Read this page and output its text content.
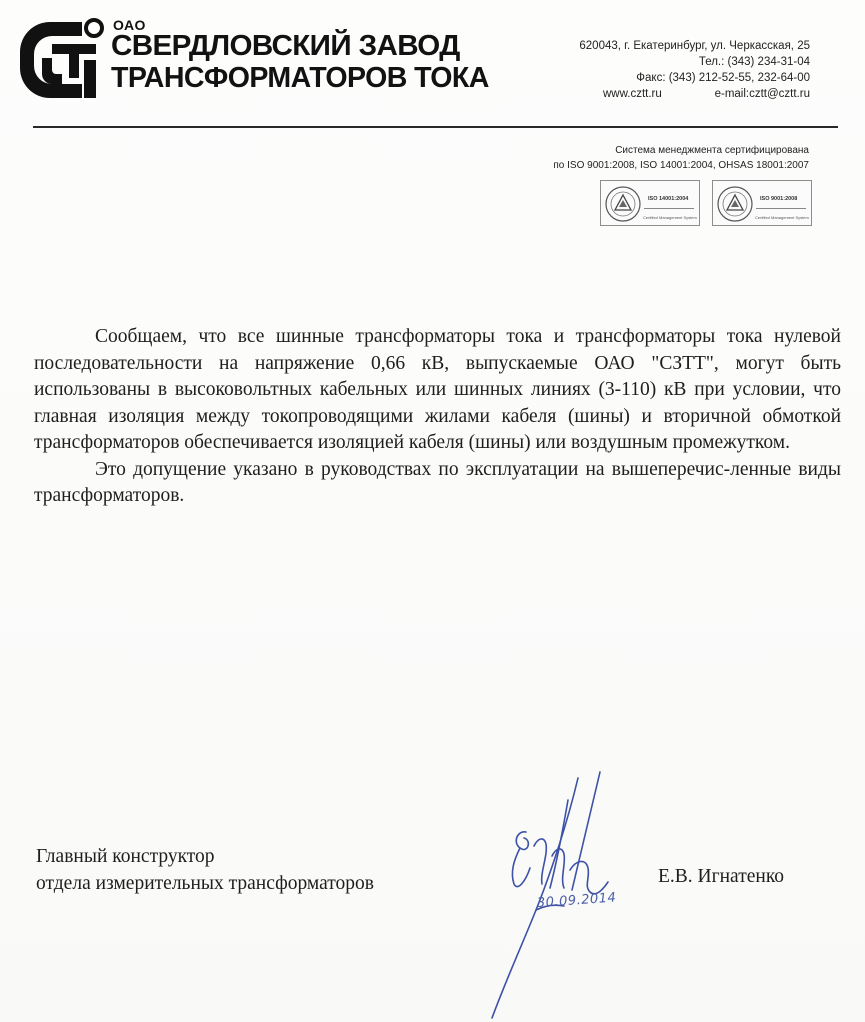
ОАО
СВЕРДЛОВСКИЙ ЗАВОД
ТРАНСФОРМАТОРОВ ТОКА
620043, г. Екатеринбург, ул. Черкасская, 25
Тел.: (343) 234-31-04
Факс: (343) 212-52-55, 232-64-00
www.cztt.ru	e-mail:cztt@cztt.ru
Система менеджмента сертифицирована
по ISO 9001:2008, ISO 14001:2004, OHSAS 18001:2007
ISO 14001:2004
Certified Management System
ISO 9001:2008
Certified Management System

Сообщаем, что все шинные трансформаторы тока и трансформаторы тока нулевой последовательности на напряжение 0,66 кВ, выпускаемые ОАО "СЗТТ", могут быть использованы в высоковольтных кабельных или шинных линиях (3-110) кВ при условии, что главная изоляция между токопроводящими жилами кабеля (шины) и вторичной обмоткой трансформаторов обеспечивается изоляцией кабеля (шины) или воздушным промежутком.

Это допущение указано в руководствах по эксплуатации на вышеперечис-ленные виды трансформаторов.

Главный конструктор
отдела измерительных трансформаторов
30.09.2014
Е.В. Игнатенко
